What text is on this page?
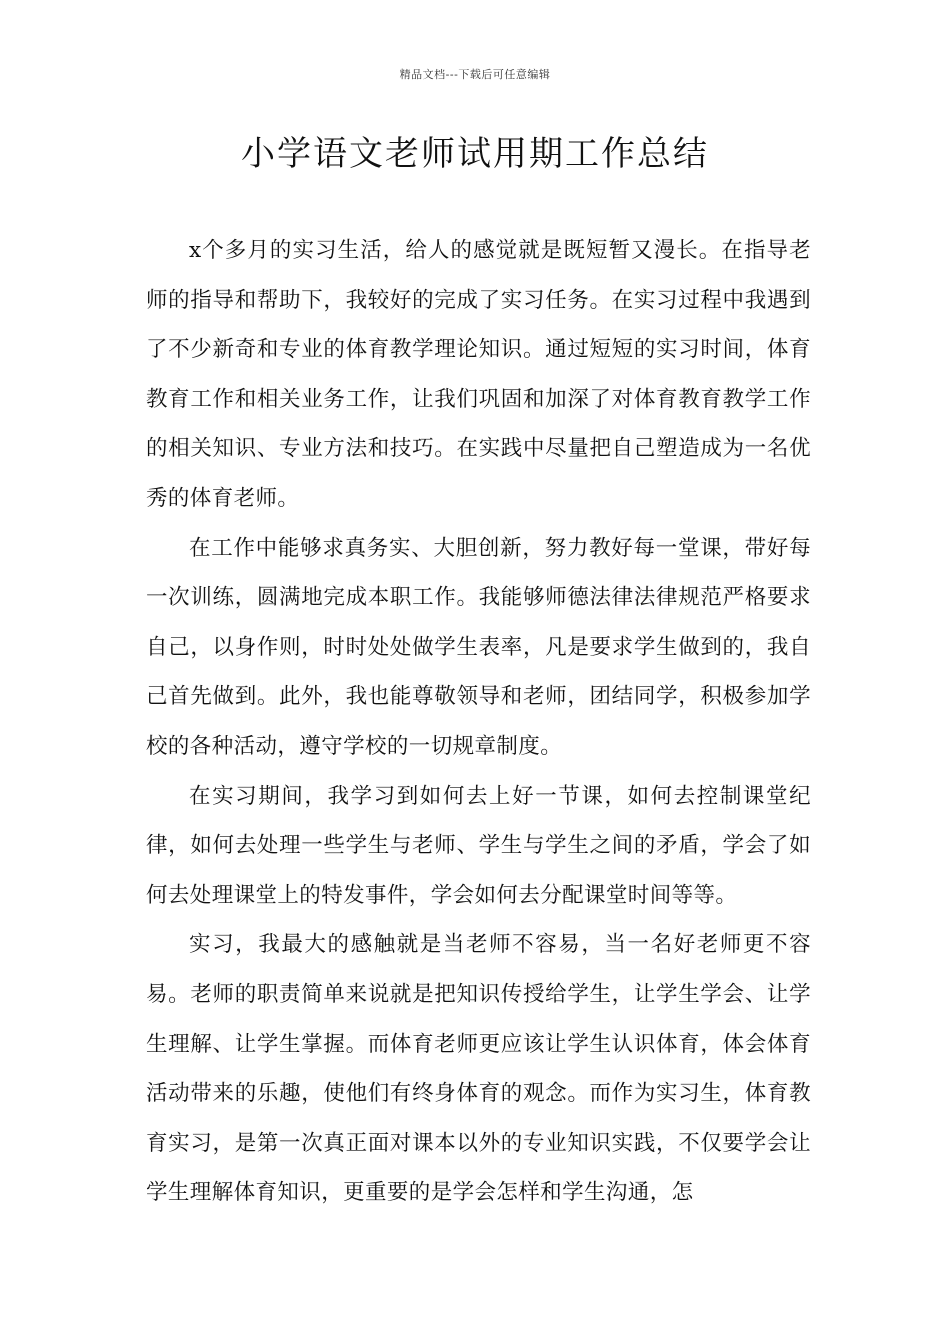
精品文档---下载后可任意编辑
小学语文老师试用期工作总结

x个多月的实习生活，给人的感觉就是既短暂又漫长。在指导老师的指导和帮助下，我较好的完成了实习任务。在实习过程中我遇到了不少新奇和专业的体育教学理论知识。通过短短的实习时间，体育教育工作和相关业务工作，让我们巩固和加深了对体育教育教学工作的相关知识、专业方法和技巧。在实践中尽量把自己塑造成为一名优秀的体育老师。

在工作中能够求真务实、大胆创新，努力教好每一堂课，带好每一次训练，圆满地完成本职工作。我能够师德法律法律规范严格要求自己，以身作则，时时处处做学生表率，凡是要求学生做到的，我自己首先做到。此外，我也能尊敬领导和老师，团结同学，积极参加学校的各种活动，遵守学校的一切规章制度。

在实习期间，我学习到如何去上好一节课，如何去控制课堂纪律，如何去处理一些学生与老师、学生与学生之间的矛盾，学会了如何去处理课堂上的特发事件，学会如何去分配课堂时间等等。

实习，我最大的感触就是当老师不容易，当一名好老师更不容易。老师的职责简单来说就是把知识传授给学生，让学生学会、让学生理解、让学生掌握。而体育老师更应该让学生认识体育，体会体育活动带来的乐趣，使他们有终身体育的观念。而作为实习生，体育教育实习，是第一次真正面对课本以外的专业知识实践，不仅要学会让学生理解体育知识，更重要的是学会怎样和学生沟通，怎
